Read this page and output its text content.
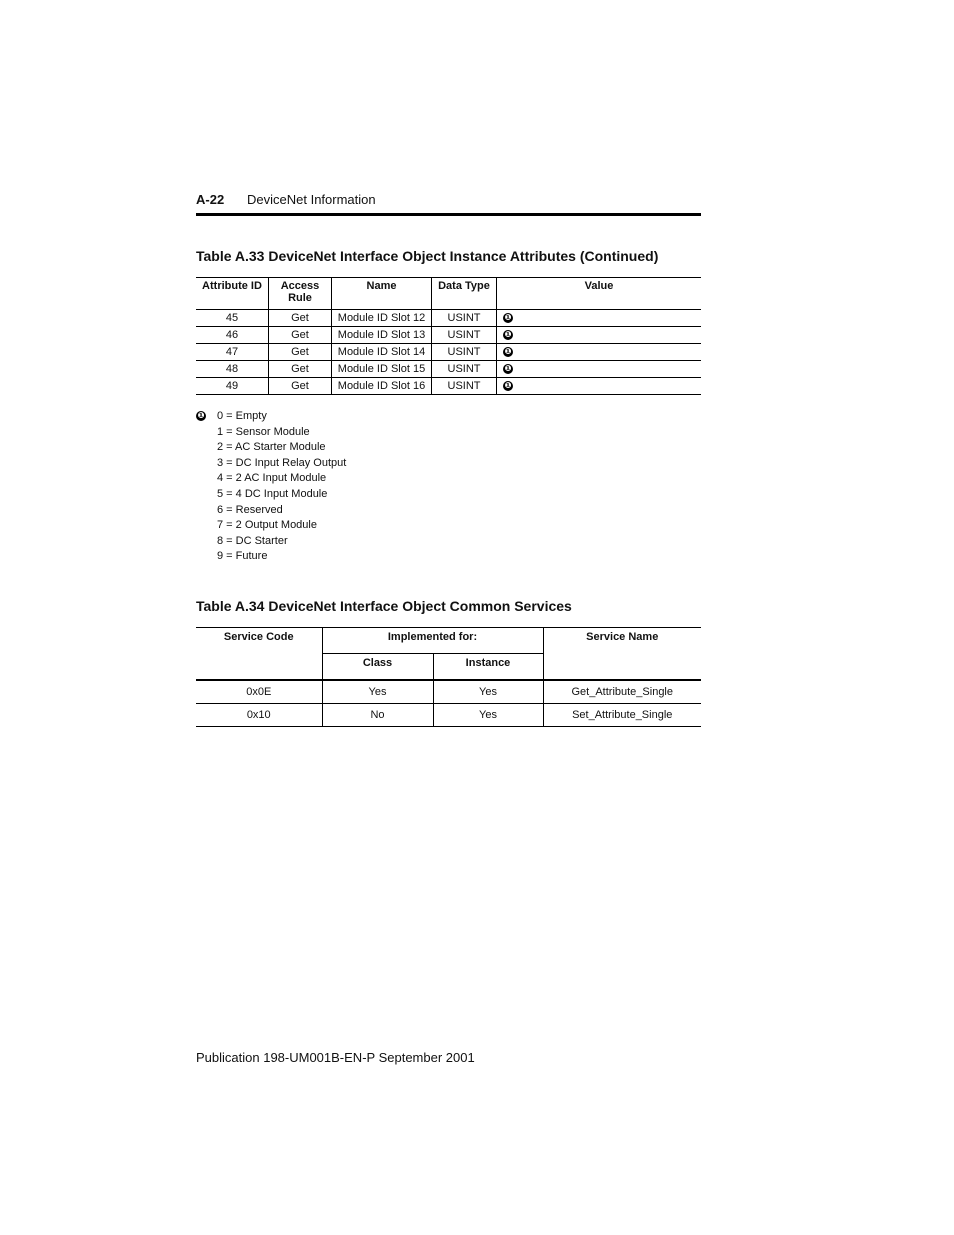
A-22 DeviceNet Information
Table A.33 DeviceNet Interface Object Instance Attributes (Continued)
Attribute ID	Access Rule	Name	Data Type	Value
45	Get	Module ID Slot 12	USINT	❶
46	Get	Module ID Slot 13	USINT	❶
47	Get	Module ID Slot 14	USINT	❶
48	Get	Module ID Slot 15	USINT	❶
49	Get	Module ID Slot 16	USINT	❶
❶ 0 = Empty
1 = Sensor Module
2 = AC Starter Module
3 = DC Input Relay Output
4 = 2 AC Input Module
5 = 4 DC Input Module
6 = Reserved
7 = 2 Output Module
8 = DC Starter
9 = Future
Table A.34 DeviceNet Interface Object Common Services
Service Code	Implemented for:		Service Name
	Class	Instance	
0x0E	Yes	Yes	Get_Attribute_Single
0x10	No	Yes	Set_Attribute_Single
Publication 198-UM001B-EN-P September 2001
